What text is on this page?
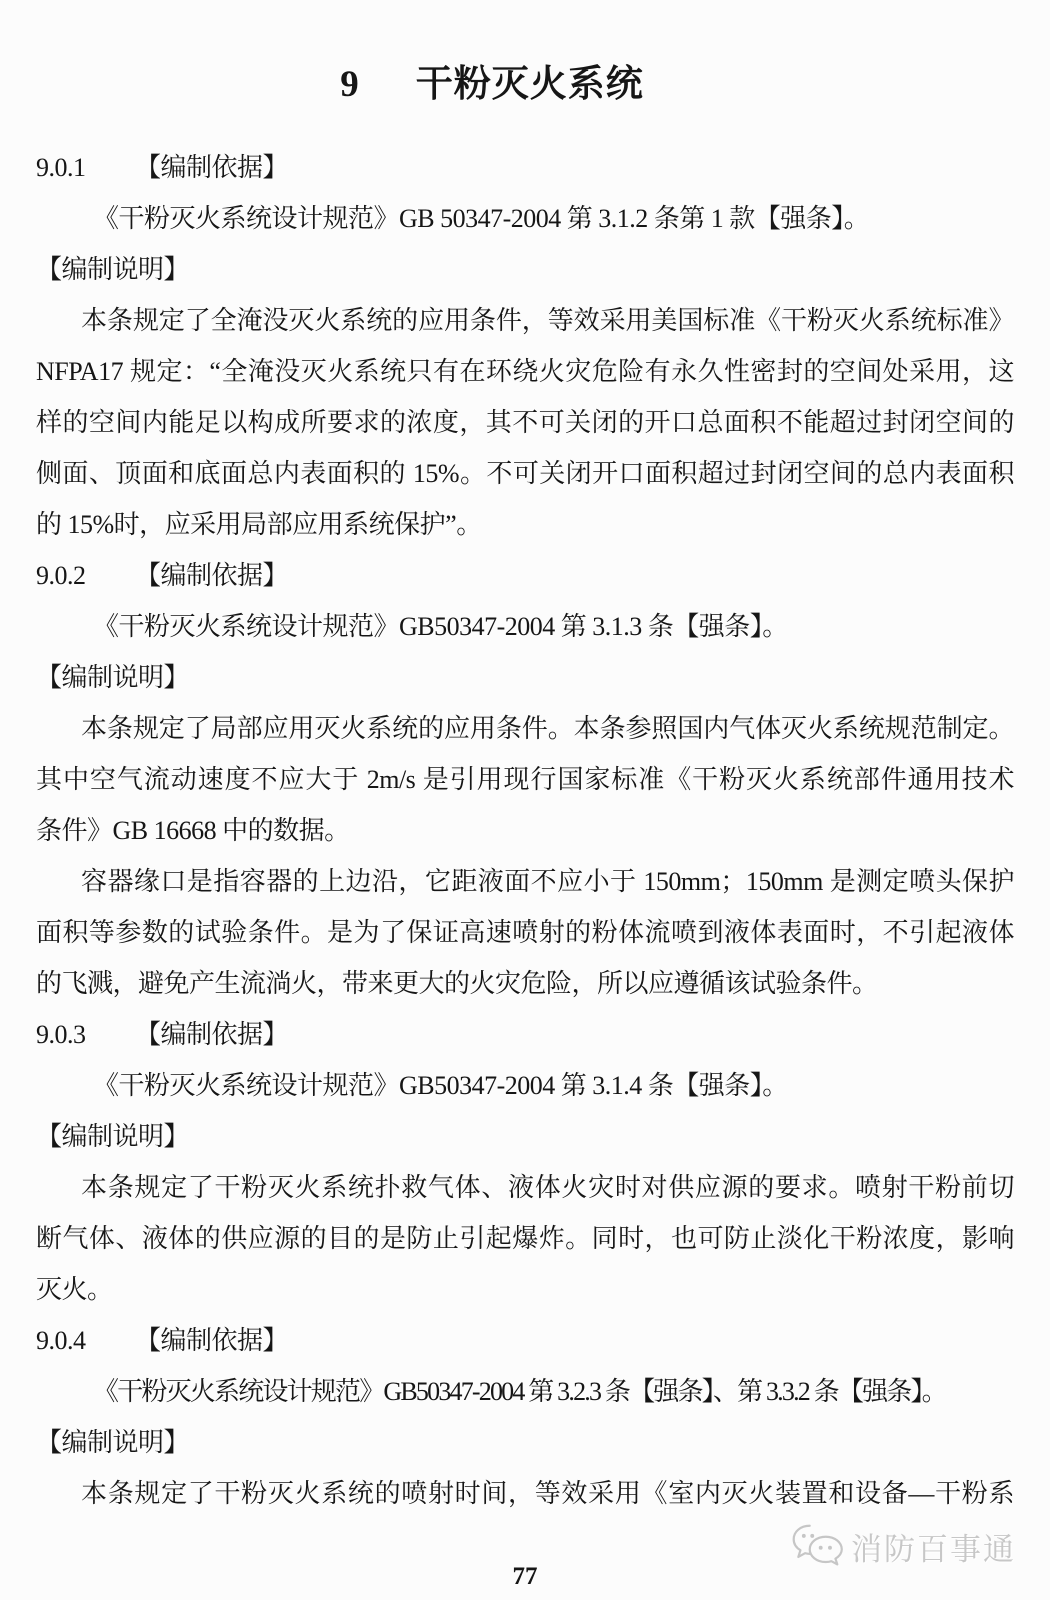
9 干粉灭火系统
9.0.1 【编制依据】
《干粉灭火系统设计规范》GB 50347-2004 第 3.1.2 条第 1 款【强条】。
【编制说明】
本条规定了全淹没灭火系统的应用条件，等效采用美国标准《干粉灭火系统标准》
NFPA17 规定：“全淹没灭火系统只有在环绕火灾危险有永久性密封的空间处采用，这
样的空间内能足以构成所要求的浓度，其不可关闭的开口总面积不能超过封闭空间的
侧面、顶面和底面总内表面积的 15%。不可关闭开口面积超过封闭空间的总内表面积
的 15%时，应采用局部应用系统保护”。
9.0.2 【编制依据】
《干粉灭火系统设计规范》GB50347-2004 第 3.1.3 条【强条】。
【编制说明】
本条规定了局部应用灭火系统的应用条件。本条参照国内气体灭火系统规范制定。
其中空气流动速度不应大于 2m/s 是引用现行国家标准《干粉灭火系统部件通用技术
条件》GB 16668 中的数据。
容器缘口是指容器的上边沿，它距液面不应小于 150mm；150mm 是测定喷头保护
面积等参数的试验条件。是为了保证高速喷射的粉体流喷到液体表面时，不引起液体
的飞溅，避免产生流淌火，带来更大的火灾危险，所以应遵循该试验条件。
9.0.3 【编制依据】
《干粉灭火系统设计规范》GB50347-2004 第 3.1.4 条【强条】。
【编制说明】
本条规定了干粉灭火系统扑救气体、液体火灾时对供应源的要求。喷射干粉前切
断气体、液体的供应源的目的是防止引起爆炸。同时，也可防止淡化干粉浓度，影响
灭火。
9.0.4 【编制依据】
《干粉灭火系统设计规范》GB50347-2004 第 3.2.3 条【强条】、第 3.3.2 条【强条】。
【编制说明】
本条规定了干粉灭火系统的喷射时间，等效采用《室内灭火装置和设备—干粉系
消防百事通
77
